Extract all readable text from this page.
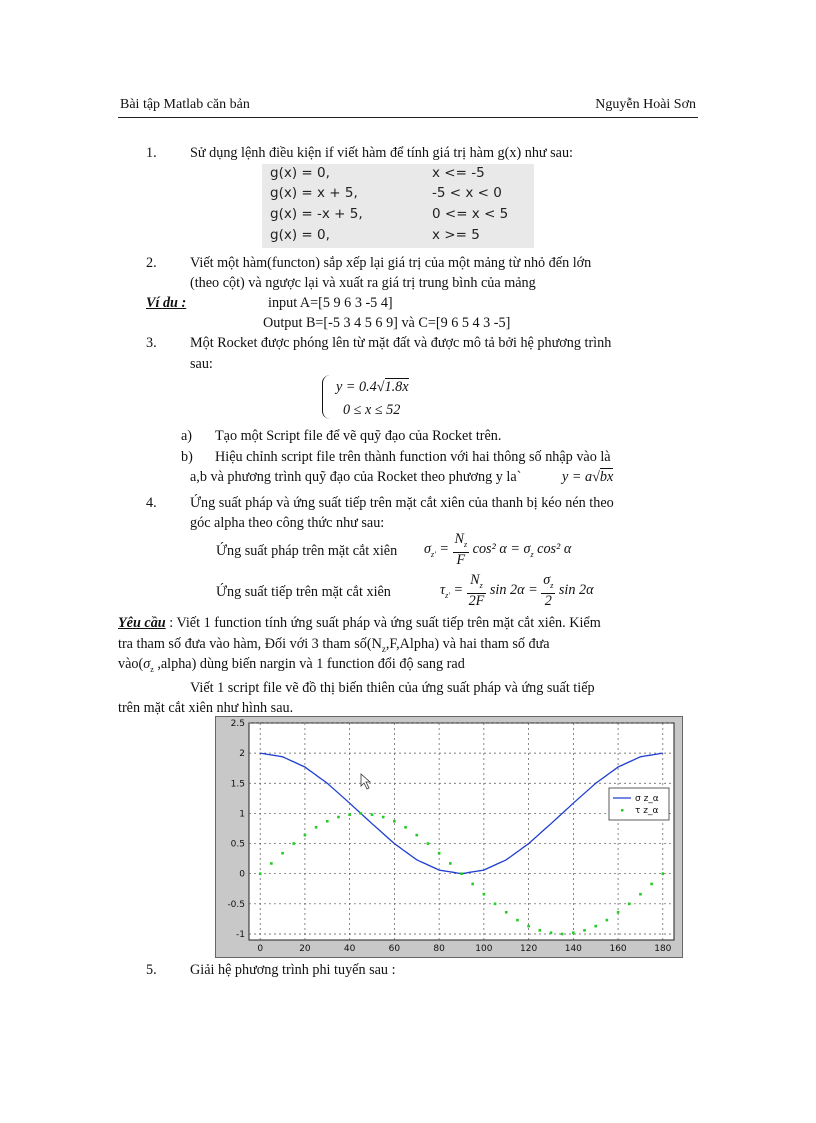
Bài tập Matlab căn bản	Nguyễn Hoài Sơn
1. Sử dụng lệnh điều kiện if viết hàm để tính giá trị hàm g(x) như sau:
g(x) = 0,	x <= -5
g(x) = x + 5,	-5 < x < 0
g(x) = -x + 5,	0 <= x < 5
g(x) = 0,	x >= 5
2. Viết một hàm(functon) sắp xếp lại giá trị của một mảng từ nhỏ đến lớn
(theo cột) và ngược lại và xuất ra giá trị trung bình của mảng
Ví du :	input A=[5 9 6 3 -5 4]
Output B=[-5 3 4 5 6 9] và C=[9 6 5 4 3 -5]
3. Một Rocket được phóng lên từ mặt đất và được mô tả bởi hệ phương trình
sau:
y = 0.4√1.8x
0 ≤ x ≤ 52
a) Tạo một Script file để vẽ quỹ đạo của Rocket trên.
b) Hiệu chỉnh script file trên thành function với hai thông số nhập vào là
a,b và phương trình quỹ đạo của Rocket theo phương y la`	y = a√bx
4. Ứng suất pháp và ứng suất tiếp trên mặt cắt xiên của thanh bị kéo nén theo
góc alpha theo công thức như sau:
Ứng suất pháp trên mặt cắt xiên $\sigma_{z'} = \frac{N_z}{F} \cos^2$ $\alpha = \sigma_z$ cos² α
Ứng suất tiếp trên mặt cắt xiên	$\tau_{z'} = \frac{N_z}{2F}$ $\sin 2\alpha = \frac{\sigma_z}{2}$ sin 2α
Yêu cầu : Viết 1 function tính ứng suất pháp và ứng suất tiếp trên mặt cắt xiên. Kiểm
tra tham số đưa vào hàm, Đối với 3 tham $số(N_z,F,Alpha)$ và hai tham số đưa
$vào(\sigma_z$ ,alpha) dùng biến nargin và 1 function đổi độ sang rad
Viết 1 script file vẽ đồ thị biến thiên của ứng suất pháp và ứng suất tiếp
trên mặt cắt xiên như hình sau.
0	20	40	60	80	100	120	140	160	180
2.5
2
1.5
1
0.5
0
-0.5
-1
σ z_α
τ z_α
5. Giải hệ phương trình phi tuyến sau :
